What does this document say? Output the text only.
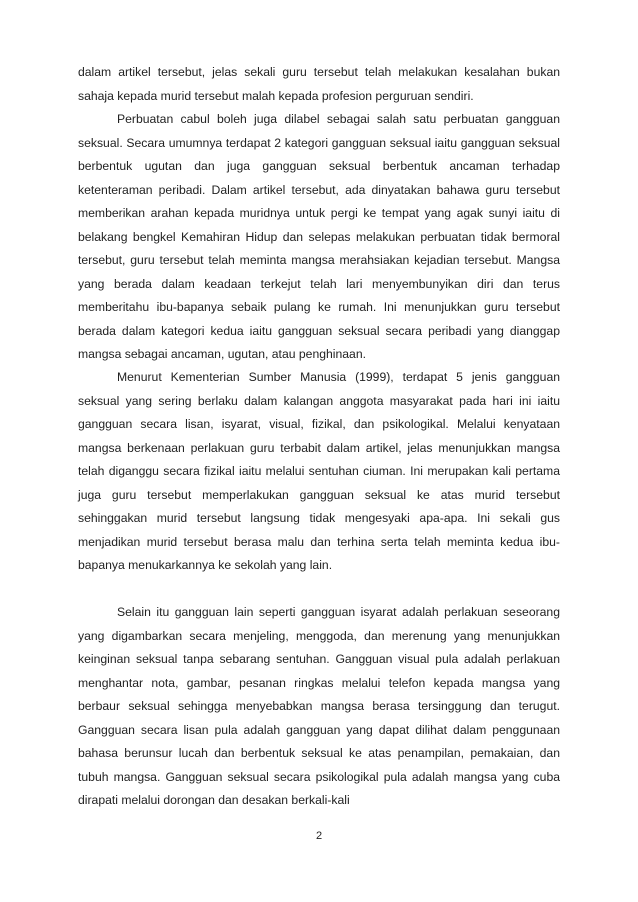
dalam artikel tersebut, jelas sekali guru tersebut telah melakukan kesalahan bukan sahaja kepada murid tersebut malah kepada profesion perguruan sendiri.

Perbuatan cabul boleh juga dilabel sebagai salah satu perbuatan gangguan seksual. Secara umumnya terdapat 2 kategori gangguan seksual iaitu gangguan seksual berbentuk ugutan dan juga gangguan seksual berbentuk ancaman terhadap ketenteraman peribadi. Dalam artikel tersebut, ada dinyatakan bahawa guru tersebut memberikan arahan kepada muridnya untuk pergi ke tempat yang agak sunyi iaitu di belakang bengkel Kemahiran Hidup dan selepas melakukan perbuatan tidak bermoral tersebut, guru tersebut telah meminta mangsa merahsiakan kejadian tersebut. Mangsa yang berada dalam keadaan terkejut telah lari menyembunyikan diri dan terus memberitahu ibu-bapanya sebaik pulang ke rumah. Ini menunjukkan guru tersebut berada dalam kategori kedua iaitu gangguan seksual secara peribadi yang dianggap mangsa sebagai ancaman, ugutan, atau penghinaan.

Menurut Kementerian Sumber Manusia (1999), terdapat 5 jenis gangguan seksual yang sering berlaku dalam kalangan anggota masyarakat pada hari ini iaitu gangguan secara lisan, isyarat, visual, fizikal, dan psikologikal. Melalui kenyataan mangsa berkenaan perlakuan guru terbabit dalam artikel, jelas menunjukkan mangsa telah diganggu secara fizikal iaitu melalui sentuhan ciuman. Ini merupakan kali pertama juga guru tersebut memperlakukan gangguan seksual ke atas murid tersebut sehinggakan murid tersebut langsung tidak mengesyaki apa-apa. Ini sekali gus menjadikan murid tersebut berasa malu dan terhina serta telah meminta kedua ibu-bapanya menukarkannya ke sekolah yang lain.

Selain itu gangguan lain seperti gangguan isyarat adalah perlakuan seseorang yang digambarkan secara menjeling, menggoda, dan merenung yang menunjukkan keinginan seksual tanpa sebarang sentuhan. Gangguan visual pula adalah perlakuan menghantar nota, gambar, pesanan ringkas melalui telefon kepada mangsa yang berbaur seksual sehingga menyebabkan mangsa berasa tersinggung dan terugut. Gangguan secara lisan pula adalah gangguan yang dapat dilihat dalam penggunaan bahasa berunsur lucah dan berbentuk seksual ke atas penampilan, pemakaian, dan tubuh mangsa. Gangguan seksual secara psikologikal pula adalah mangsa yang cuba dirapati melalui dorongan dan desakan berkali-kali

2
